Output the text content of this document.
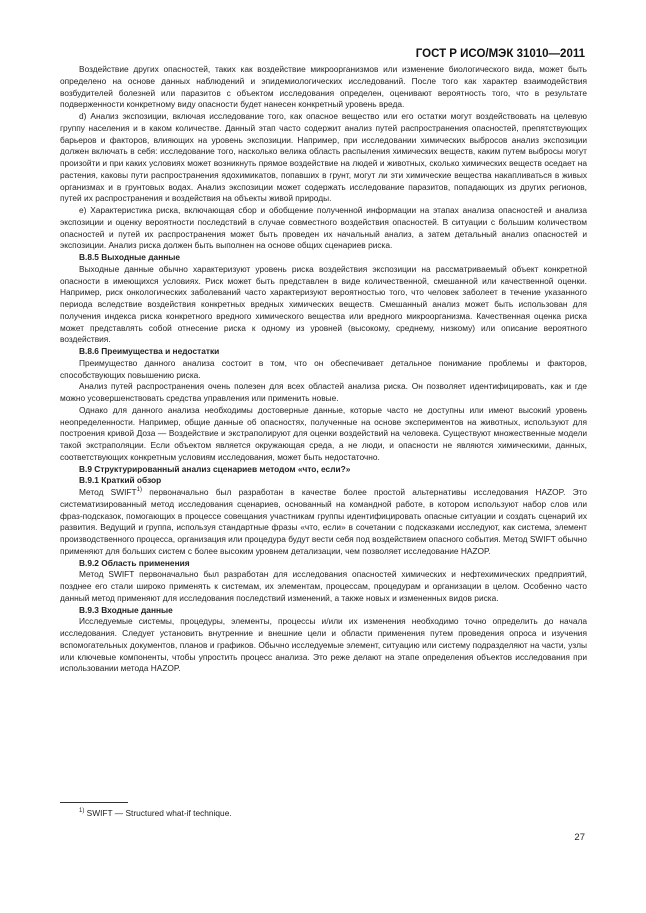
ГОСТ Р ИСО/МЭК 31010—2011

Воздействие других опасностей, таких как воздействие микроорганизмов или изменение биологического вида, может быть определено на основе данных наблюдений и эпидемиологических исследований. После того как характер взаимодействия возбудителей болезней или паразитов с объектом исследования определен, оценивают вероятность того, что в результате подверженности конкретному виду опасности будет нанесен конкретный уровень вреда.

d) Анализ экспозиции, включая исследование того, как опасное вещество или его остатки могут воздействовать на целевую группу населения и в каком количестве. Данный этап часто содержит анализ путей распространения опасностей, препятствующих барьеров и факторов, влияющих на уровень экспозиции. Например, при исследовании химических выбросов анализ экспозиции должен включать в себя: исследование того, насколько велика область распыления химических веществ, каким путем выбросы могут произойти и при каких условиях может возникнуть прямое воздействие на людей и животных, сколько химических веществ оседает на растения, каковы пути распространения ядохимикатов, попавших в грунт, могут ли эти химические вещества накапливаться в живых организмах и в грунтовых водах. Анализ экспозиции может содержать исследование паразитов, попадающих из других регионов, путей их распространения и воздействия на объекты живой природы.

е) Характеристика риска, включающая сбор и обобщение полученной информации на этапах анализа опасностей и анализа экспозиции и оценку вероятности последствий в случае совместного воздействия опасностей. В ситуации с большим количеством опасностей и путей их распространения может быть проведен их начальный анализ, а затем детальный анализ опасностей и экспозиции. Анализ риска должен быть выполнен на основе общих сценариев риска.

В.8.5 Выходные данные

Выходные данные обычно характеризуют уровень риска воздействия экспозиции на рассматриваемый объект конкретной опасности в имеющихся условиях. Риск может быть представлен в виде количественной, смешанной или качественной оценки. Например, риск онкологических заболеваний часто характеризуют вероятностью того, что человек заболеет в течение указанного периода вследствие воздействия конкретных вредных химических веществ. Смешанный анализ может быть использован для получения индекса риска конкретного вредного химического вещества или вредного микроорганизма. Качественная оценка риска может представлять собой отнесение риска к одному из уровней (высокому, среднему, низкому) или описание вероятного воздействия.

В.8.6 Преимущества и недостатки

Преимущество данного анализа состоит в том, что он обеспечивает детальное понимание проблемы и факторов, способствующих повышению риска.

Анализ путей распространения очень полезен для всех областей анализа риска. Он позволяет идентифицировать, как и где можно усовершенствовать средства управления или применить новые.

Однако для данного анализа необходимы достоверные данные, которые часто не доступны или имеют высокий уровень неопределенности. Например, общие данные об опасностях, полученные на основе экспериментов на животных, используют для построения кривой Доза — Воздействие и экстраполируют для оценки воздействий на человека. Существуют множественные модели такой экстраполяции. Если объектом является окружающая среда, а не люди, и опасности не являются химическими, данных, соответствующих конкретным условиям исследования, может быть недостаточно.

В.9 Структурированный анализ сценариев методом «что, если?»
В.9.1 Краткий обзор

Метод SWIFT$^{1)}$ первоначально был разработан в качестве более простой альтернативы исследования HAZOP. Это систематизированный метод исследования сценариев, основанный на командной работе, в котором используют набор слов или фраз-подсказок, помогающих в процессе совещания участникам группы идентифицировать опасные ситуации и создать сценарий их развития. Ведущий и группа, используя стандартные фразы «что, если» в сочетании с подсказками исследуют, как система, элемент производственного процесса, организация или процедура будут вести себя под воздействием опасного события. Метод SWIFT обычно применяют для больших систем с более высоким уровнем детализации, чем позволяет исследование HAZOP.

В.9.2 Область применения

Метод SWIFT первоначально был разработан для исследования опасностей химических и нефтехимических предприятий, позднее его стали широко применять к системам, их элементам, процессам, процедурам и организации в целом. Особенно часто данный метод применяют для исследования последствий изменений, а также новых и измененных видов риска.

В.9.3 Входные данные

Исследуемые системы, процедуры, элементы, процессы и/или их изменения необходимо точно определить до начала исследования. Следует установить внутренние и внешние цели и области применения путем проведения опроса и изучения вспомогательных документов, планов и графиков. Обычно исследуемые элемент, ситуацию или систему подразделяют на части, узлы или ключевые компоненты, чтобы упростить процесс анализа. Это реже делают на этапе определения объектов исследования при использовании метода HAZOP.

$^{1)}$ SWIFT — Structured what-if technique.
27
